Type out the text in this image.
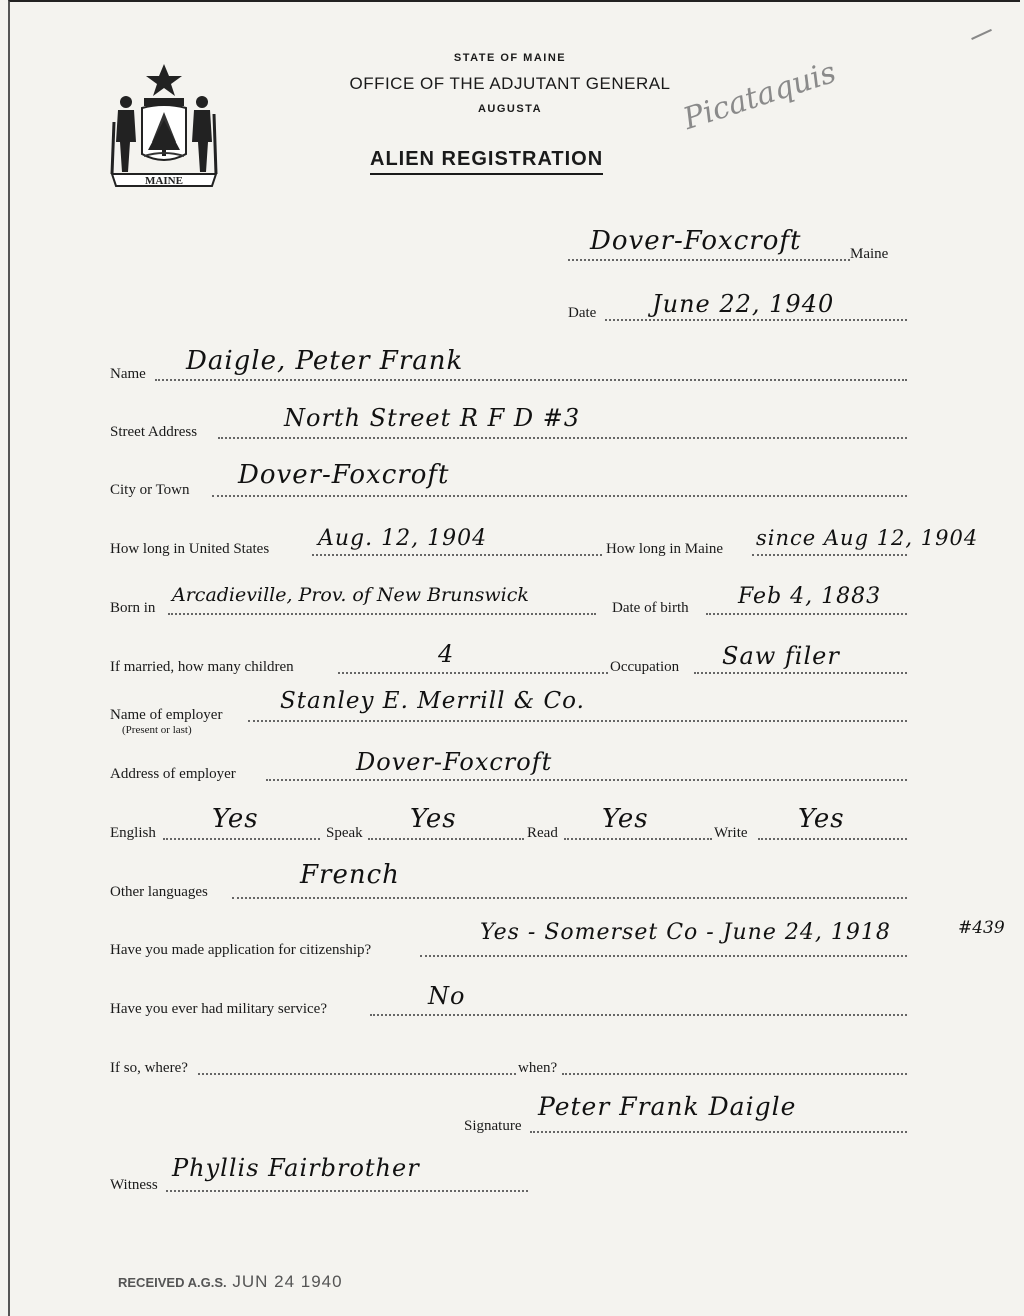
MAINE
STATE OF MAINE
OFFICE OF THE ADJUTANT GENERAL
AUGUSTA
ALIEN REGISTRATION
Picataquis
Dover-Foxcroft	Maine
Date June 22, 1940
Name Daigle, Peter Frank
Street Address	North Street R F D #3
City or Town Dover-Foxcroft
How long in United States Aug. 12, 1904	How long in Maine since Aug 12, 1904
Born in
Arcadieville, Prov. of New Brunswick
Date of birth Feb 4, 1883
If married, how many children	4	Occupation Saw filer
Name of employer
(Present or last)
Stanley E. Merrill & Co.
Address of employer	Dover-Foxcroft
English Yes	Speak Yes	Read Yes	Write Yes
Other languages
French
Have you made application for citizenship?
Yes - Somerset Co - June 24, 1918	#439
Have you ever had military service?	No
If so, where?	when?
Signature
Peter Frank Daigle
Witness
Phyllis Fairbrother
RECEIVED A.G.S. JUN 24 1940
